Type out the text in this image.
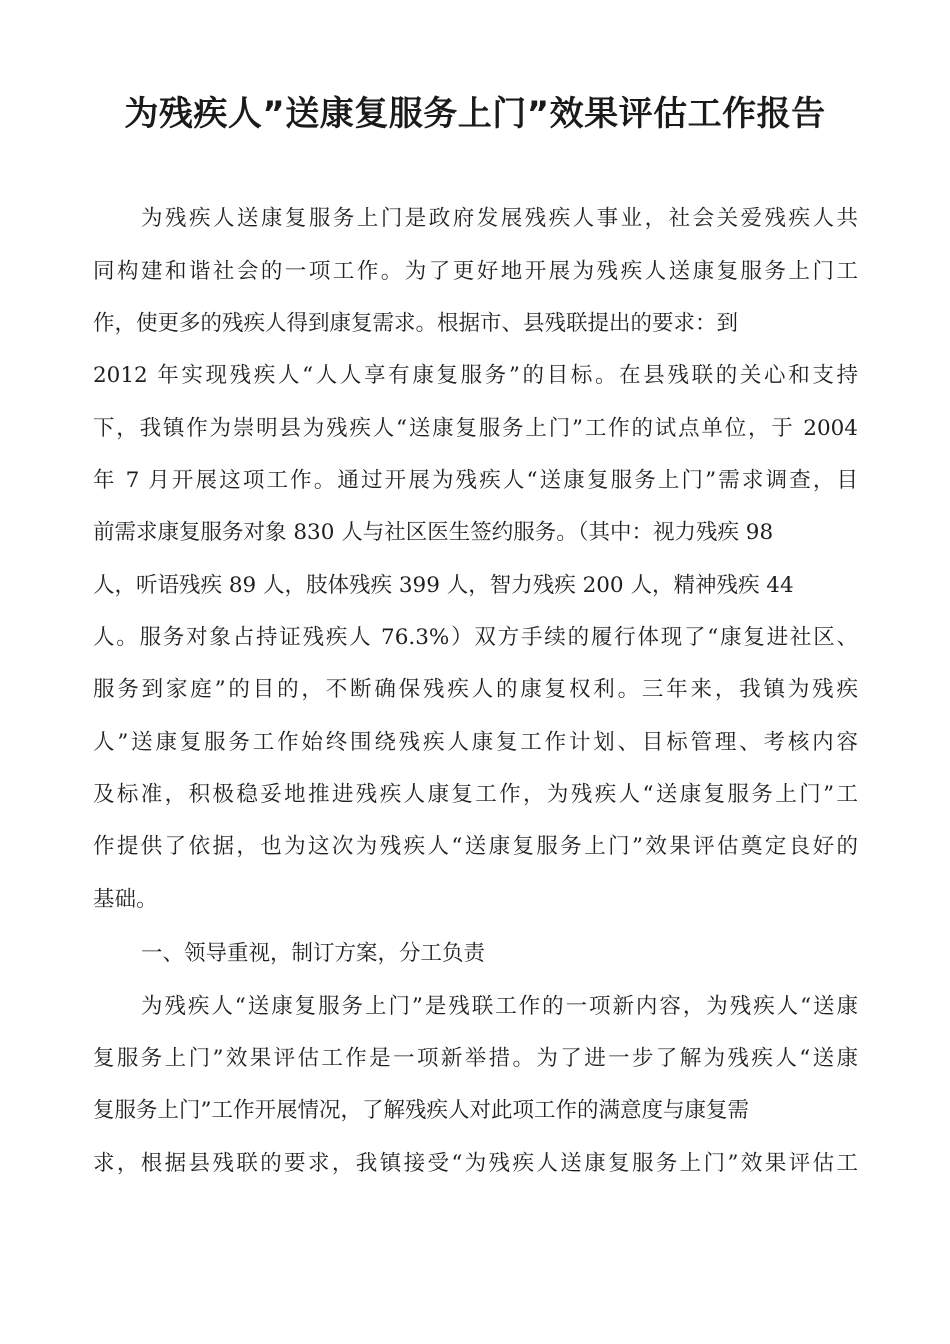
为残疾人”送康复服务上门”效果评估工作报告
为残疾人送康复服务上门是政府发展残疾人事业，社会关爱残疾人共
同构建和谐社会的一项工作。为了更好地开展为残疾人送康复服务上门工
作，使更多的残疾人得到康复需求。根据市、县残联提出的要求：到
2012 年实现残疾人“人人享有康复服务”的目标。在县残联的关心和支持
下，我镇作为崇明县为残疾人“送康复服务上门”工作的试点单位，于 2004
年 7 月开展这项工作。通过开展为残疾人“送康复服务上门”需求调查，目
前需求康复服务对象 830 人与社区医生签约服务。（其中：视力残疾 98
人，听语残疾 89 人，肢体残疾 399 人，智力残疾 200 人，精神残疾 44
人。服务对象占持证残疾人 76.3%）双方手续的履行体现了“康复进社区、
服务到家庭”的目的，不断确保残疾人的康复权利。三年来，我镇为残疾
人”送康复服务工作始终围绕残疾人康复工作计划、目标管理、考核内容
及标准，积极稳妥地推进残疾人康复工作，为残疾人“送康复服务上门”工
作提供了依据，也为这次为残疾人“送康复服务上门”效果评估奠定良好的
基础。
一、领导重视，制订方案，分工负责
为残疾人“送康复服务上门”是残联工作的一项新内容，为残疾人“送康
复服务上门”效果评估工作是一项新举措。为了进一步了解为残疾人“送康
复服务上门”工作开展情况，了解残疾人对此项工作的满意度与康复需
求，根据县残联的要求，我镇接受“为残疾人送康复服务上门”效果评估工
